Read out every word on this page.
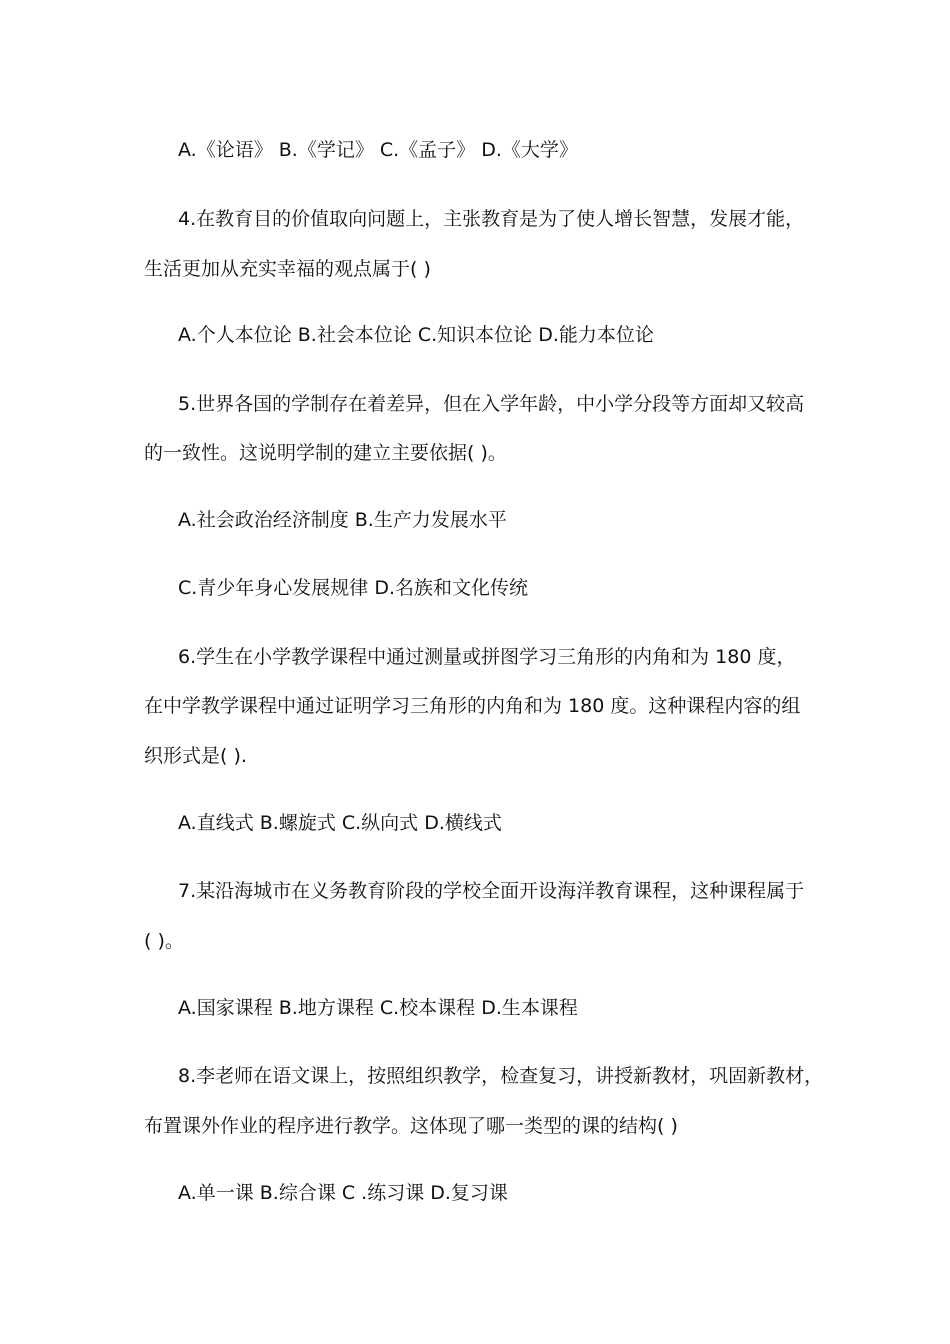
A.《论语》 B.《学记》 C.《孟子》 D.《大学》
4.在教育目的价值取向问题上，主张教育是为了使人增长智慧，发展才能，
生活更加从充实幸福的观点属于( )
A.个人本位论 B.社会本位论 C.知识本位论 D.能力本位论
5.世界各国的学制存在着差异，但在入学年龄，中小学分段等方面却又较高
的一致性。这说明学制的建立主要依据( )。
A.社会政治经济制度 B.生产力发展水平
C.青少年身心发展规律 D.名族和文化传统
6.学生在小学教学课程中通过测量或拼图学习三角形的内角和为 180 度，
在中学教学课程中通过证明学习三角形的内角和为 180 度。这种课程内容的组
织形式是( ).
A.直线式 B.螺旋式 C.纵向式 D.横线式
7.某沿海城市在义务教育阶段的学校全面开设海洋教育课程，这种课程属于
( )。
A.国家课程 B.地方课程 C.校本课程 D.生本课程
8.李老师在语文课上，按照组织教学，检查复习，讲授新教材，巩固新教材，
布置课外作业的程序进行教学。这体现了哪一类型的课的结构( )
A.单一课 B.综合课 C .练习课 D.复习课
